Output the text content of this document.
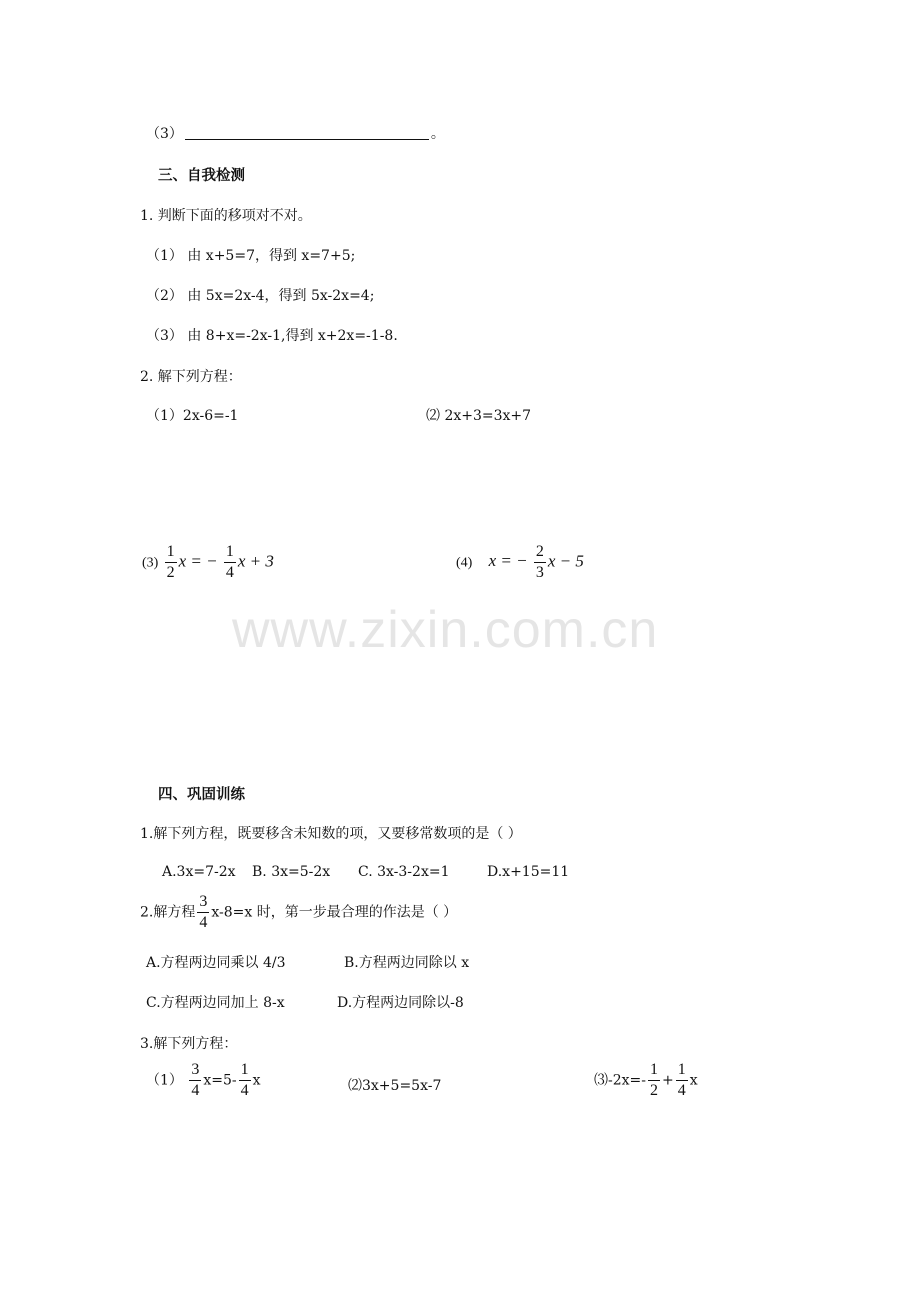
www.zixin.com.cn
（3）	。
三、自我检测
1. 判断下面的移项对不对。
（1） 由 x+5=7，得到 x=7+5;
（2） 由 5x=2x-4，得到 5x-2x=4;
（3） 由 8+x=-2x-1,得到 x+2x=-1-8.
2. 解下列方程：
（1）2x-6=-1	⑵ 2x+3=3x+7
$(3) \frac{1}{2}$ x = − $\frac{1}{4}$ x + 3	(4) x = − $\frac{2}{3}$ x − 5
四、巩固训练
1.解下列方程，既要移含未知数的项，又要移常数项的是（ ）
A.3x=7-2x B. 3x=5-2x C. 3x-3-2x=1	D.x+15=11
2.解方程 $\frac{3}{4} x-8=x$ 时，第一步最合理的作法是（ ）
A.方程两边同乘以 4/3	B.方程两边同除以 x
C.方程两边同加上 8-x	D.方程两边同除以-8
3.解下列方程：
$(1) \frac{3}{4} x=5- \frac{1}{4}$ x	⑵3x+5=5x-7	⑶-2x=- $\frac{1}{2} + \frac{1}{4}$ x
